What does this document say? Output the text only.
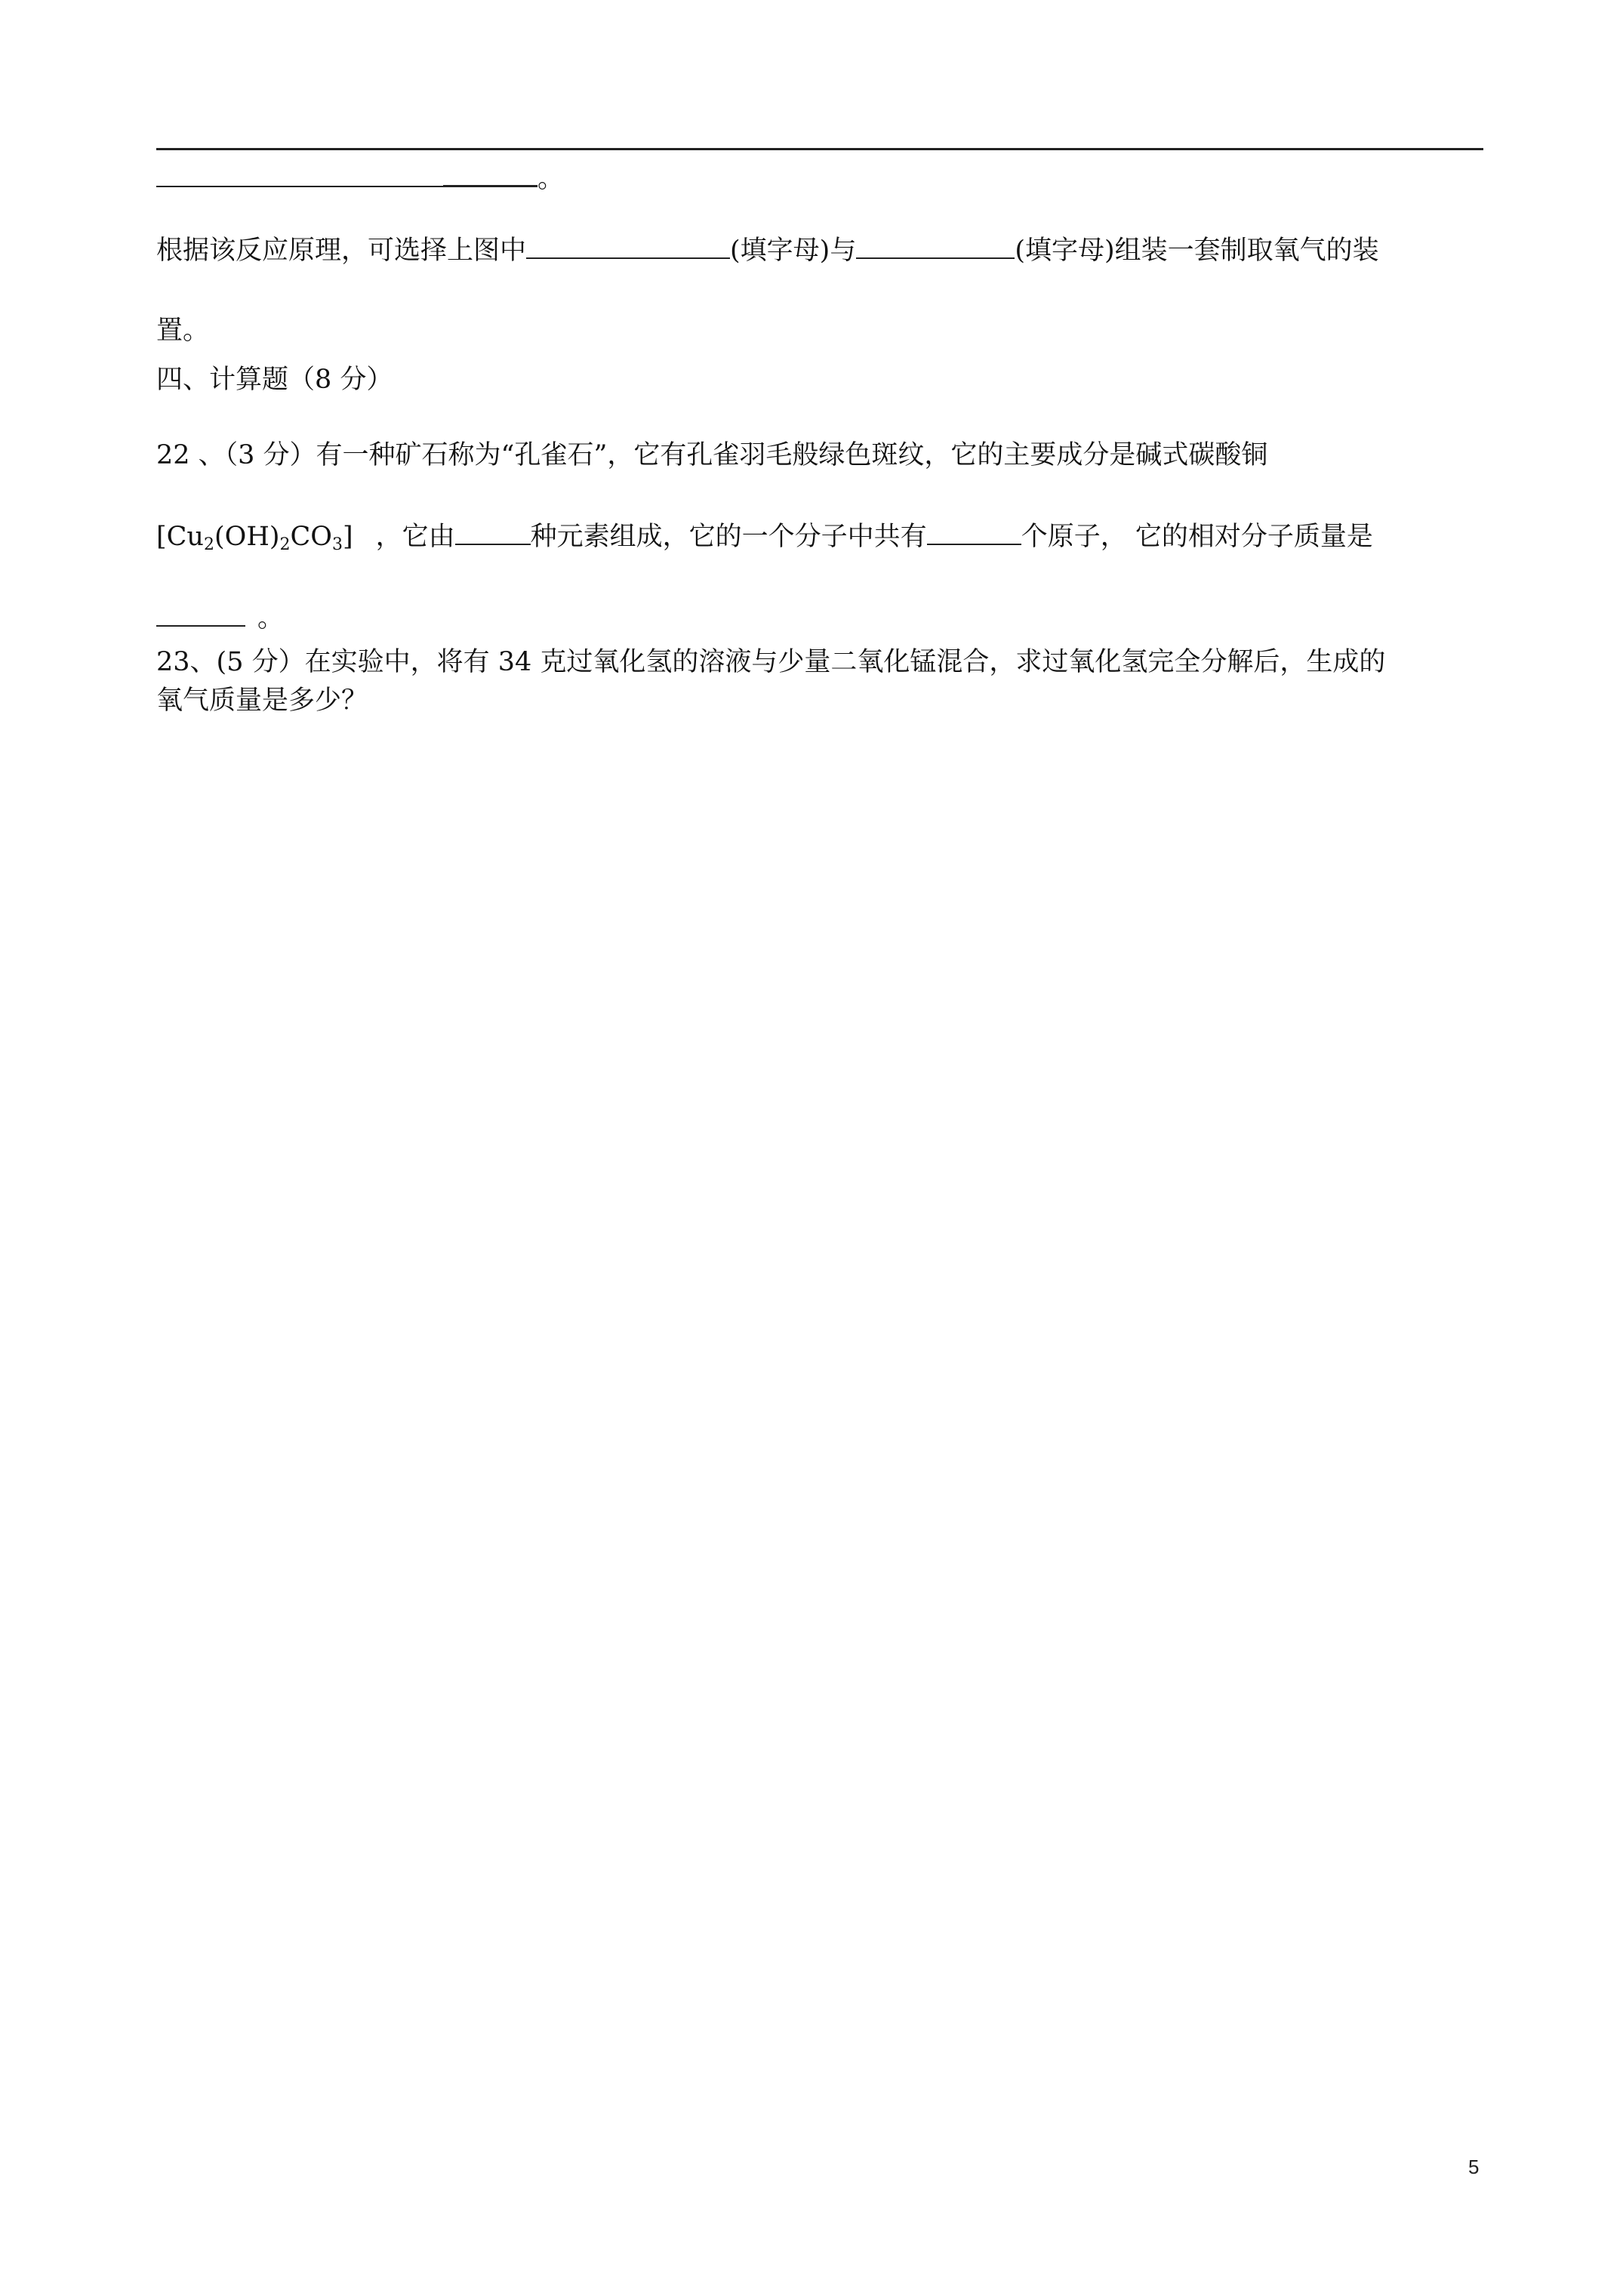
。
根据该反应原理，可选择上图中	(填字母)与	(填字母)组装一套制取氧气的装
置。
四、计算题（8 分）
22 、（3 分）有一种矿石称为“孔雀石”，它有孔雀羽毛般绿色斑纹，它的主要成分是碱式碳酸铜
$[Cu_2(OH)_2CO_3]$ ，它由	种元素组成，它的一个分子中共有	个原子， 它的相对分子质量是
。
23、(5 分）在实验中，将有 34 克过氧化氢的溶液与少量二氧化锰混合，求过氧化氢完全分解后，生成的
氧气质量是多少？
5
